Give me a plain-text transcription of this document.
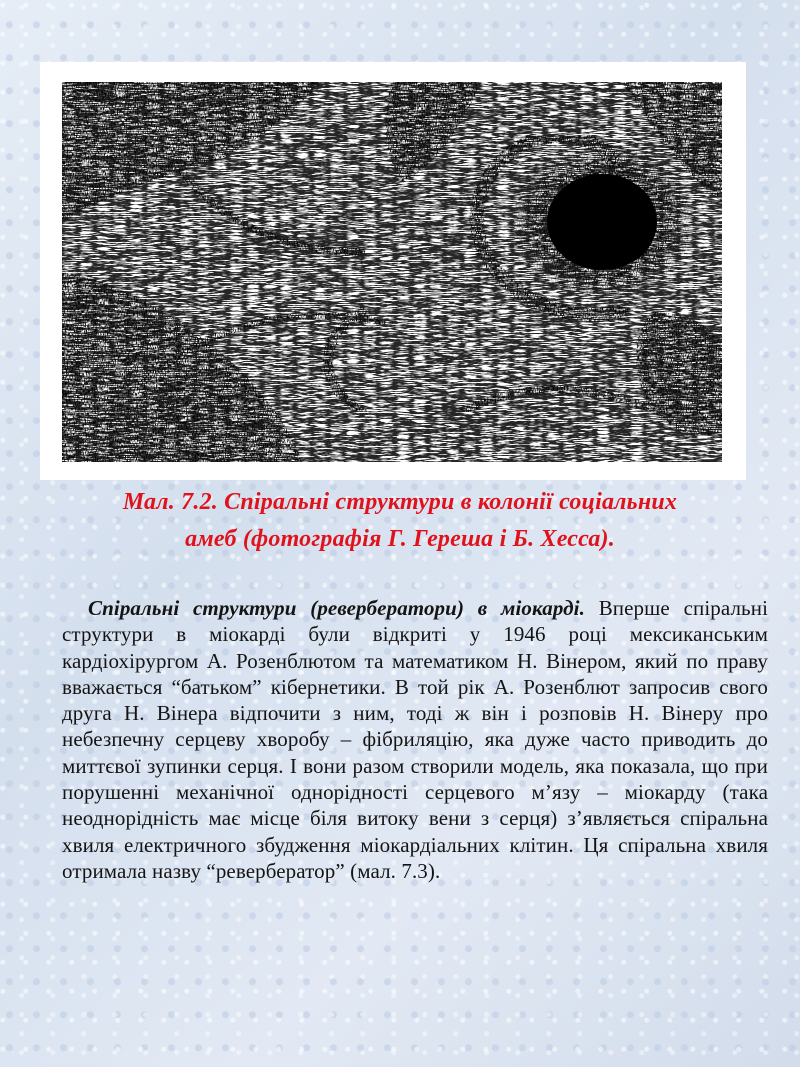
Мал. 7.2. Спіральні структури в колонії соціальних
амеб (фотографія Г. Гереша і Б. Хесса).
Спіральні структури (ревербератори) в міокарді. Вперше спіральні структури в міокарді були відкриті у 1946 році мексиканським кардіохірургом А. Розенблютом та математиком Н. Вінером, який по праву вважається “батьком” кібернетики. В той рік А. Розенблют запросив свого друга Н. Вінера відпочити з ним, тоді ж він і розповів Н. Вінеру про небезпечну серцеву хворобу – фібриляцію, яка дуже часто приводить до миттєвої зупинки серця. І вони разом створили модель, яка показала, що при порушенні механічної однорідності серцевого м’язу – міокарду (така неоднорідність має місце біля витоку вени з серця) з’являється спіральна хвиля електричного збудження міокардіальних клітин. Ця спіральна хвиля отримала назву “ревербератор” (мал. 7.3).
